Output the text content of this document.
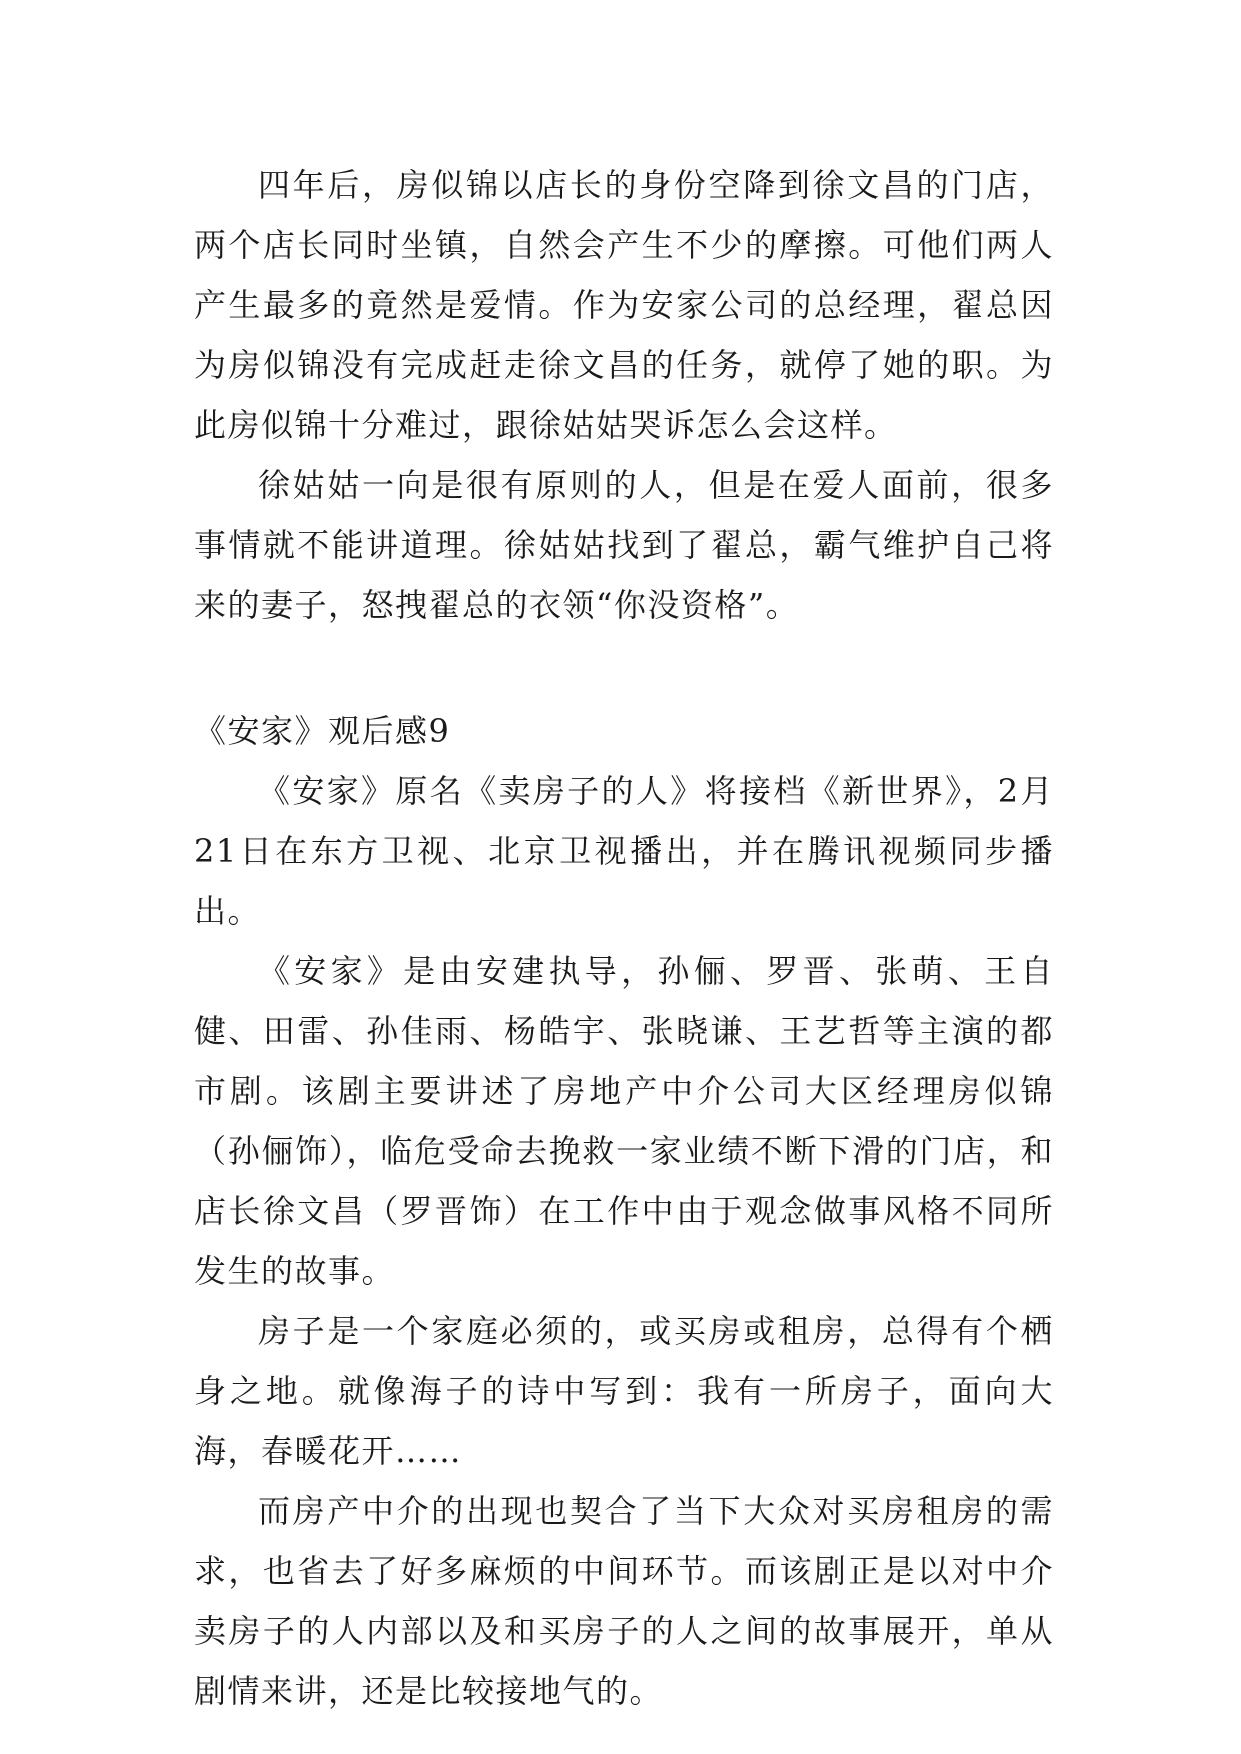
四年后，房似锦以店长的身份空降到徐文昌的门店，两个店长同时坐镇，自然会产生不少的摩擦。可他们两人产生最多的竟然是爱情。作为安家公司的总经理，翟总因为房似锦没有完成赶走徐文昌的任务，就停了她的职。为此房似锦十分难过，跟徐姑姑哭诉怎么会这样。

徐姑姑一向是很有原则的人，但是在爱人面前，很多事情就不能讲道理。徐姑姑找到了翟总，霸气维护自己将来的妻子，怒拽翟总的衣领“你没资格”。

《安家》观后感9

《安家》原名《卖房子的人》将接档《新世界》，2月21日在东方卫视、北京卫视播出，并在腾讯视频同步播出。

《安家》是由安建执导，孙俪、罗晋、张萌、王自健、田雷、孙佳雨、杨皓宇、张晓谦、王艺哲等主演的都市剧。该剧主要讲述了房地产中介公司大区经理房似锦（孙俪饰），临危受命去挽救一家业绩不断下滑的门店，和店长徐文昌（罗晋饰）在工作中由于观念做事风格不同所发生的故事。

房子是一个家庭必须的，或买房或租房，总得有个栖身之地。就像海子的诗中写到：我有一所房子，面向大海，春暖花开……

而房产中介的出现也契合了当下大众对买房租房的需求，也省去了好多麻烦的中间环节。而该剧正是以对中介卖房子的人内部以及和买房子的人之间的故事展开，单从剧情来讲，还是比较接地气的。
